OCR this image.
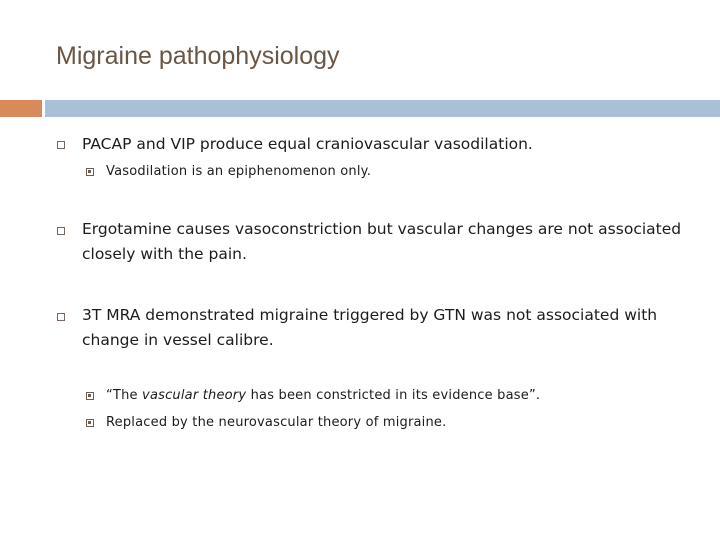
Migraine pathophysiology
PACAP and VIP produce equal craniovascular vasodilation.
Vasodilation is an epiphenomenon only.
Ergotamine causes vasoconstriction but vascular changes are not associated closely with the pain.
3T MRA demonstrated migraine triggered by GTN was not associated with change in vessel calibre.
“The vascular theory has been constricted in its evidence base”.
Replaced by the neurovascular theory of migraine.
